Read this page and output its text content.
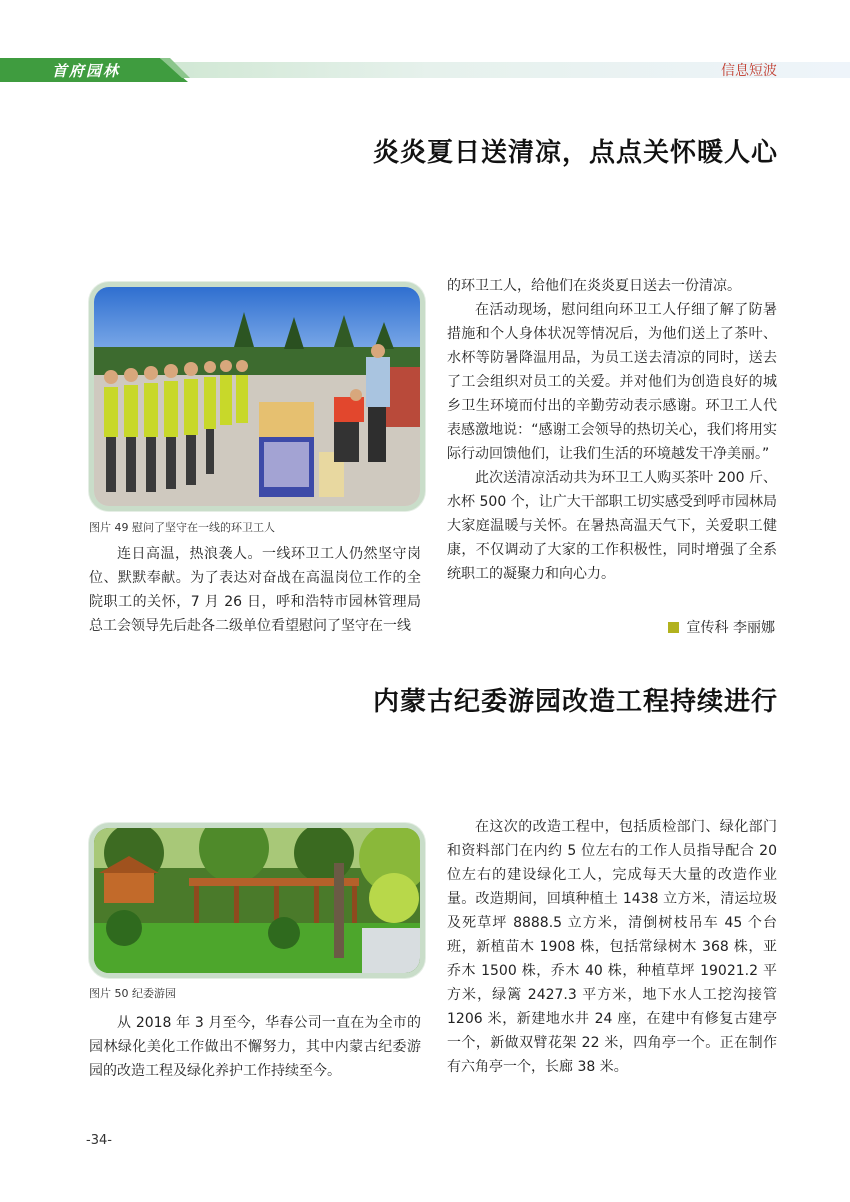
首府园林	信息短波
炎炎夏日送清凉，点点关怀暖人心
图片 49 慰问了坚守在一线的环卫工人

连日高温，热浪袭人。一线环卫工人仍然坚守岗位、默默奉献。为了表达对奋战在高温岗位工作的全院职工的关怀，7 月 26 日，呼和浩特市园林管理局总工会领导先后赴各二级单位看望慰问了坚守在一线

的环卫工人，给他们在炎炎夏日送去一份清凉。

在活动现场，慰问组向环卫工人仔细了解了防暑措施和个人身体状况等情况后，为他们送上了茶叶、水杯等防暑降温用品，为员工送去清凉的同时，送去了工会组织对员工的关爱。并对他们为创造良好的城乡卫生环境而付出的辛勤劳动表示感谢。环卫工人代表感激地说：“感谢工会领导的热切关心，我们将用实际行动回馈他们，让我们生活的环境越发干净美丽。”

此次送清凉活动共为环卫工人购买茶叶 200 斤、水杯 500 个，让广大干部职工切实感受到呼市园林局大家庭温暖与关怀。在暑热高温天气下，关爱职工健康，不仅调动了大家的工作积极性，同时增强了全系统职工的凝聚力和向心力。

宣传科 李丽娜
内蒙古纪委游园改造工程持续进行
图片 50 纪委游园

从 2018 年 3 月至今，华春公司一直在为全市的园林绿化美化工作做出不懈努力，其中内蒙古纪委游园的改造工程及绿化养护工作持续至今。

在这次的改造工程中，包括质检部门、绿化部门和资料部门在内约 5 位左右的工作人员指导配合 20 位左右的建设绿化工人，完成每天大量的改造作业量。改造期间，回填种植土 1438 立方米，清运垃圾及死草坪 8888.5 立方米，清倒树枝吊车 45 个台班，新植苗木 1908 株，包括常绿树木 368 株，亚乔木 1500 株，乔木 40 株，种植草坪 19021.2 平方米，绿篱 2427.3 平方米，地下水人工挖沟接管 1206 米，新建地水井 24 座，在建中有修复古建亭一个，新做双臂花架 22 米，四角亭一个。正在制作有六角亭一个，长廊 38 米。

-34-
